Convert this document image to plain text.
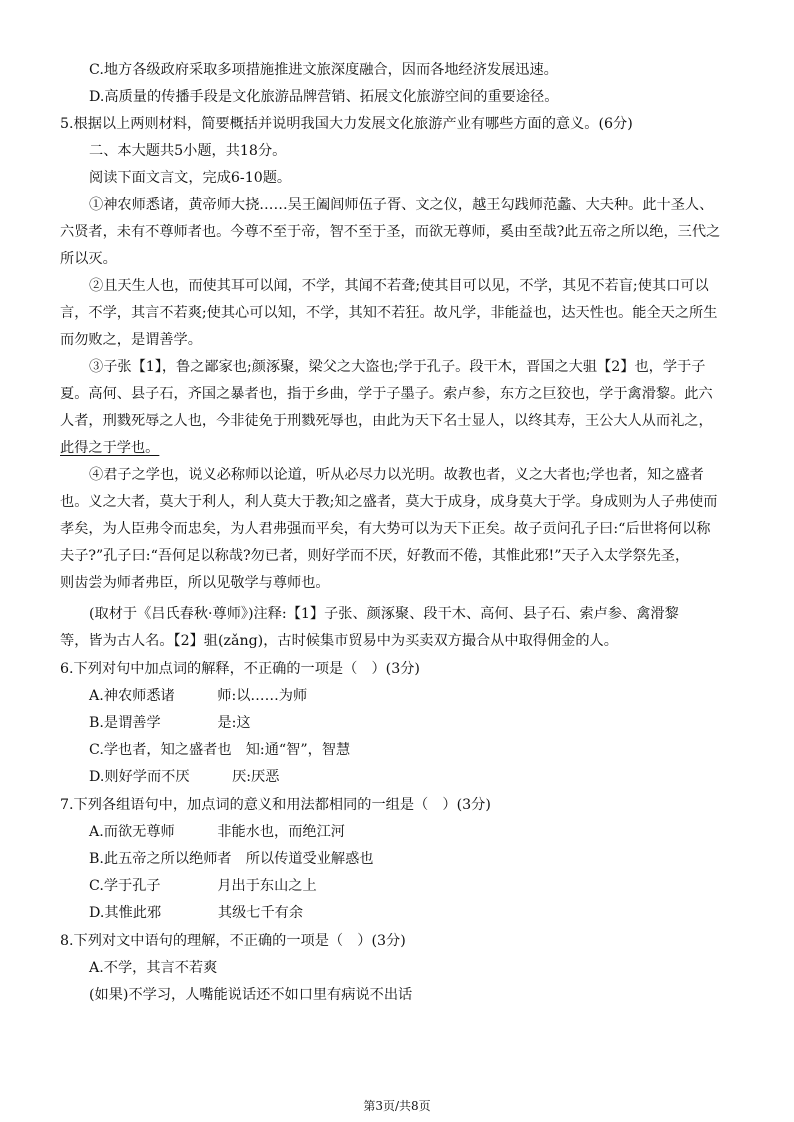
C.地方各级政府采取多项措施推进文旅深度融合，因而各地经济发展迅速。
D.高质量的传播手段是文化旅游品牌营销、拓展文化旅游空间的重要途径。
5.根据以上两则材料，简要概括并说明我国大力发展文化旅游产业有哪些方面的意义。(6分)
二、本大题共5小题，共18分。
阅读下面文言文，完成6-10题。
①神农师悉诸，黄帝师大挠……吴王阖闾师伍子胥、文之仪，越王勾践师范蠡、大夫种。此十圣人、
六贤者，未有不尊师者也。今尊不至于帝，智不至于圣，而欲无尊师，奚由至哉?此五帝之所以绝，三代之
所以灭。
②且天生人也，而使其耳可以闻，不学，其闻不若聋;使其目可以见，不学，其见不若盲;使其口可以
言，不学，其言不若爽;使其心可以知，不学，其知不若狂。故凡学，非能益也，达天性也。能全天之所生
而勿败之，是谓善学。
③子张【1】，鲁之鄙家也;颜涿聚，梁父之大盗也;学于孔子。段干木，晋国之大驵【2】也，学于子
夏。高何、县子石，齐国之暴者也，指于乡曲，学于子墨子。索卢参，东方之巨狡也，学于禽滑黎。此六
人者，刑戮死辱之人也，今非徒免于刑戮死辱也，由此为天下名士显人，以终其寿，王公大人从而礼之，
此得之于学也。
④君子之学也，说义必称师以论道，听从必尽力以光明。故教也者，义之大者也;学也者，知之盛者
也。义之大者，莫大于利人，利人莫大于教;知之盛者，莫大于成身，成身莫大于学。身成则为人子弗使而
孝矣，为人臣弗令而忠矣，为人君弗强而平矣，有大势可以为天下正矣。故子贡问孔子曰:“后世将何以称
夫子?”孔子曰:“吾何足以称哉?勿已者，则好学而不厌，好教而不倦，其惟此邪!”天子入太学祭先圣，
则齿尝为师者弗臣，所以见敬学与尊师也。
(取材于《吕氏春秋·尊师》)注释:【1】子张、颜涿聚、段干木、高何、县子石、索卢参、禽滑黎
等，皆为古人名。【2】驵(zǎng)，古时候集市贸易中为买卖双方撮合从中取得佣金的人。
6.下列对句中加点词的解释，不正确的一项是（　）(3分)
A.神农师悉诸　　　师:以……为师
B.是谓善学　　　　是:这
C.学也者，知之盛者也　知:通“智”，智慧
D.则好学而不厌　　　厌:厌恶
7.下列各组语句中，加点词的意义和用法都相同的一组是（　）(3分)
A.而欲无尊师　　　非能水也，而绝江河
B.此五帝之所以绝师者　所以传道受业解惑也
C.学于孔子　　　　月出于东山之上
D.其惟此邪　　　　其级七千有余
8.下列对文中语句的理解，不正确的一项是（　）(3分)
A.不学，其言不若爽
(如果)不学习，人嘴能说话还不如口里有病说不出话
第3页/共8页
